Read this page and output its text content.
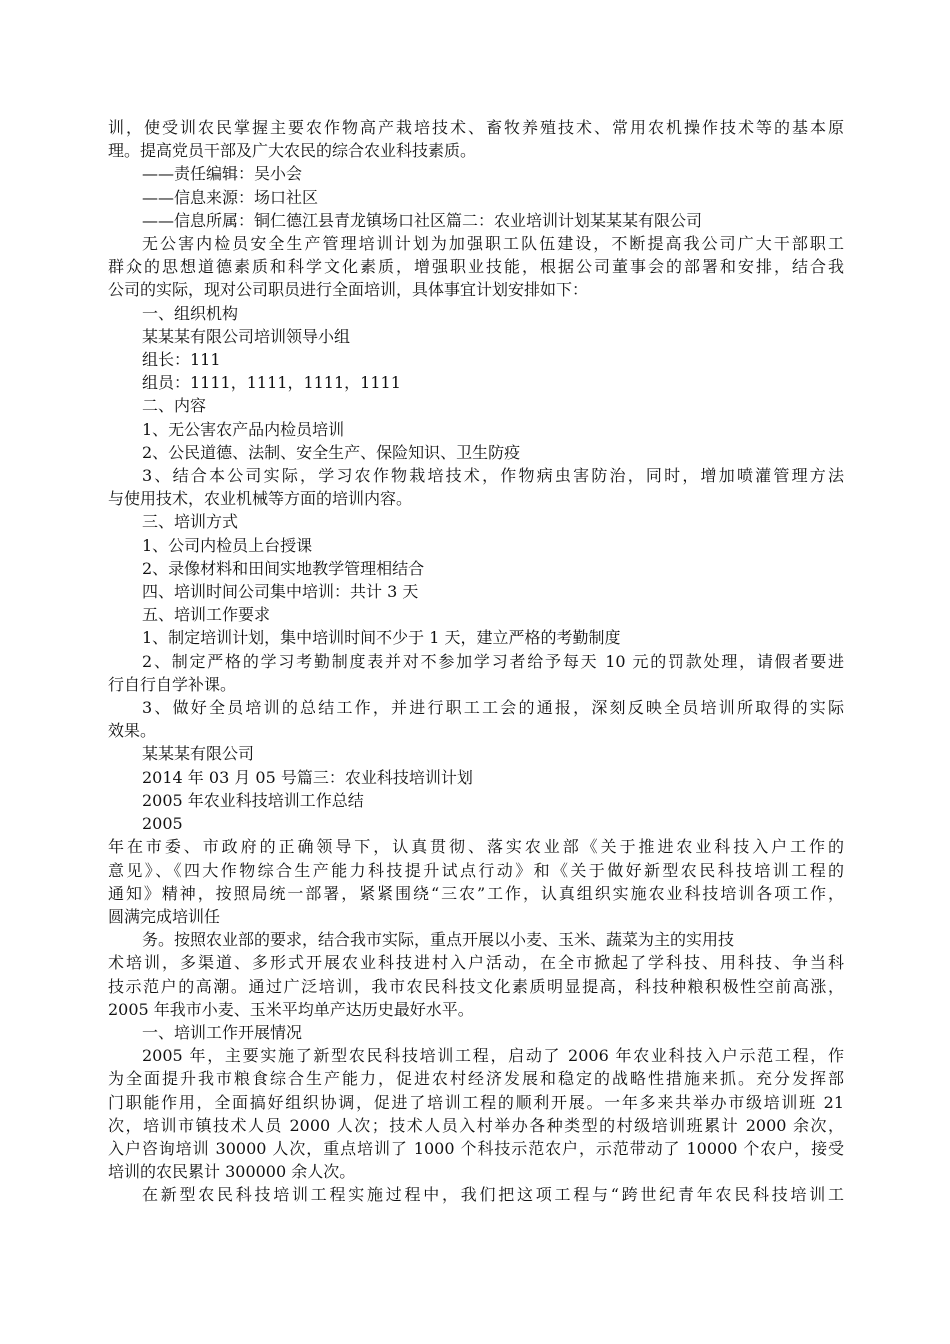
训，使受训农民掌握主要农作物高产栽培技术、畜牧养殖技术、常用农机操作技术等的基本原

理。提高党员干部及广大农民的综合农业科技素质。

——责任编辑：吴小会

——信息来源：场口社区

——信息所属：铜仁德江县青龙镇场口社区篇二：农业培训计划某某某有限公司

无公害内检员安全生产管理培训计划为加强职工队伍建设，不断提高我公司广大干部职工

群众的思想道德素质和科学文化素质，增强职业技能，根据公司董事会的部署和安排，结合我

公司的实际，现对公司职员进行全面培训，具体事宜计划安排如下：

一、组织机构

某某某有限公司培训领导小组

组长：111

组员：1111，1111，1111，1111

二、内容

1、无公害农产品内检员培训

2、公民道德、法制、安全生产、保险知识、卫生防疫

3、结合本公司实际，学习农作物栽培技术，作物病虫害防治，同时，增加喷灌管理方法

与使用技术，农业机械等方面的培训内容。

三、培训方式

1、公司内检员上台授课

2、录像材料和田间实地教学管理相结合

四、培训时间公司集中培训：共计 3 天

五、培训工作要求

1、制定培训计划，集中培训时间不少于 1 天，建立严格的考勤制度

2、制定严格的学习考勤制度表并对不参加学习者给予每天 10 元的罚款处理，请假者要进

行自行自学补课。

3、做好全员培训的总结工作，并进行职工工会的通报，深刻反映全员培训所取得的实际

效果。

某某某有限公司

2014 年 03 月 05 号篇三：农业科技培训计划

2005 年农业科技培训工作总结

2005

年在市委、市政府的正确领导下，认真贯彻、落实农业部《关于推进农业科技入户工作的

意见》、《四大作物综合生产能力科技提升试点行动》和《关于做好新型农民科技培训工程的

通知》精神，按照局统一部署，紧紧围绕“三农”工作，认真组织实施农业科技培训各项工作，

圆满完成培训任

务。按照农业部的要求，结合我市实际，重点开展以小麦、玉米、蔬菜为主的实用技

术培训，多渠道、多形式开展农业科技进村入户活动，在全市掀起了学科技、用科技、争当科

技示范户的高潮。通过广泛培训，我市农民科技文化素质明显提高，科技种粮积极性空前高涨，

2005 年我市小麦、玉米平均单产达历史最好水平。

一、培训工作开展情况

2005 年，主要实施了新型农民科技培训工程，启动了 2006 年农业科技入户示范工程，作

为全面提升我市粮食综合生产能力，促进农村经济发展和稳定的战略性措施来抓。充分发挥部

门职能作用，全面搞好组织协调，促进了培训工程的顺利开展。一年多来共举办市级培训班 21

次，培训市镇技术人员 2000 人次；技术人员入村举办各种类型的村级培训班累计 2000 余次，

入户咨询培训 30000 人次，重点培训了 1000 个科技示范农户，示范带动了 10000 个农户，接受

培训的农民累计 300000 余人次。

在新型农民科技培训工程实施过程中，我们把这项工程与“跨世纪青年农民科技培训工
